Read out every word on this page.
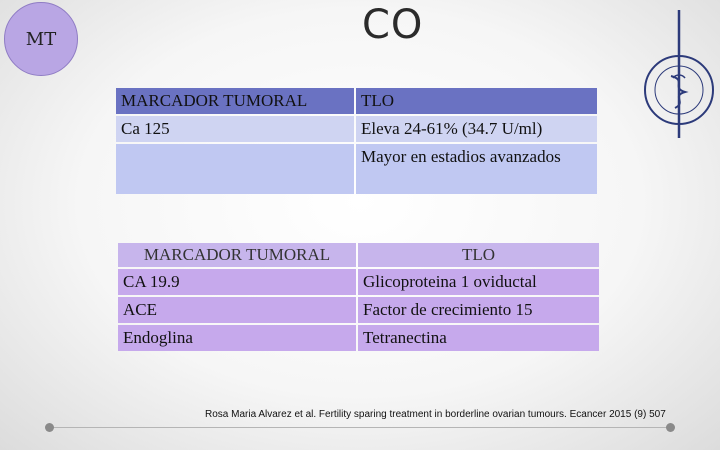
MT	CO
MARCADOR TUMORAL	TLO
Ca 125	Eleva 24-61% (34.7 U/ml)
	Mayor en estadios avanzados
MARCADOR TUMORAL	TLO
CA 19.9	Glicoproteina 1 oviductal
ACE	Factor de crecimiento 15
Endoglina	Tetranectina
Rosa Maria Alvarez et al. Fertility sparing treatment in borderline ovarian tumours. Ecancer 2015 (9) 507
